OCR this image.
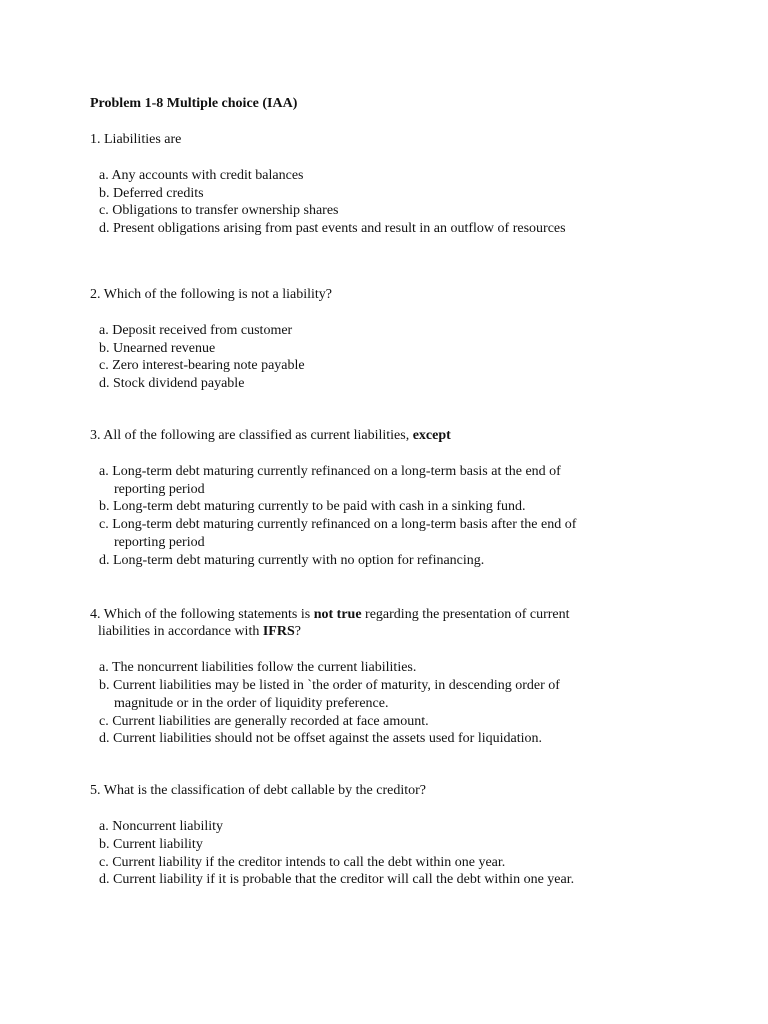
Problem 1-8 Multiple choice (IAA)
1. Liabilities are
a. Any accounts with credit balances
b. Deferred credits
c. Obligations to transfer ownership shares
d. Present obligations arising from past events and result in an outflow of resources
2. Which of the following is not a liability?
a. Deposit received from customer
b. Unearned revenue
c. Zero interest-bearing note payable
d. Stock dividend payable
3. All of the following are classified as current liabilities, except
a. Long-term debt maturing currently refinanced on a long-term basis at the end of reporting period
b. Long-term debt maturing currently to be paid with cash in a sinking fund.
c. Long-term debt maturing currently refinanced on a long-term basis after the end of reporting period
d. Long-term debt maturing currently with no option for refinancing.
4. Which of the following statements is not true regarding the presentation of current liabilities in accordance with IFRS?
a. The noncurrent liabilities follow the current liabilities.
b. Current liabilities may be listed in `the order of maturity, in descending order of magnitude or in the order of liquidity preference.
c. Current liabilities are generally recorded at face amount.
d. Current liabilities should not be offset against the assets used for liquidation.
5. What is the classification of debt callable by the creditor?
a. Noncurrent liability
b. Current liability
c. Current liability if the creditor intends to call the debt within one year.
d. Current liability if it is probable that the creditor will call the debt within one year.
